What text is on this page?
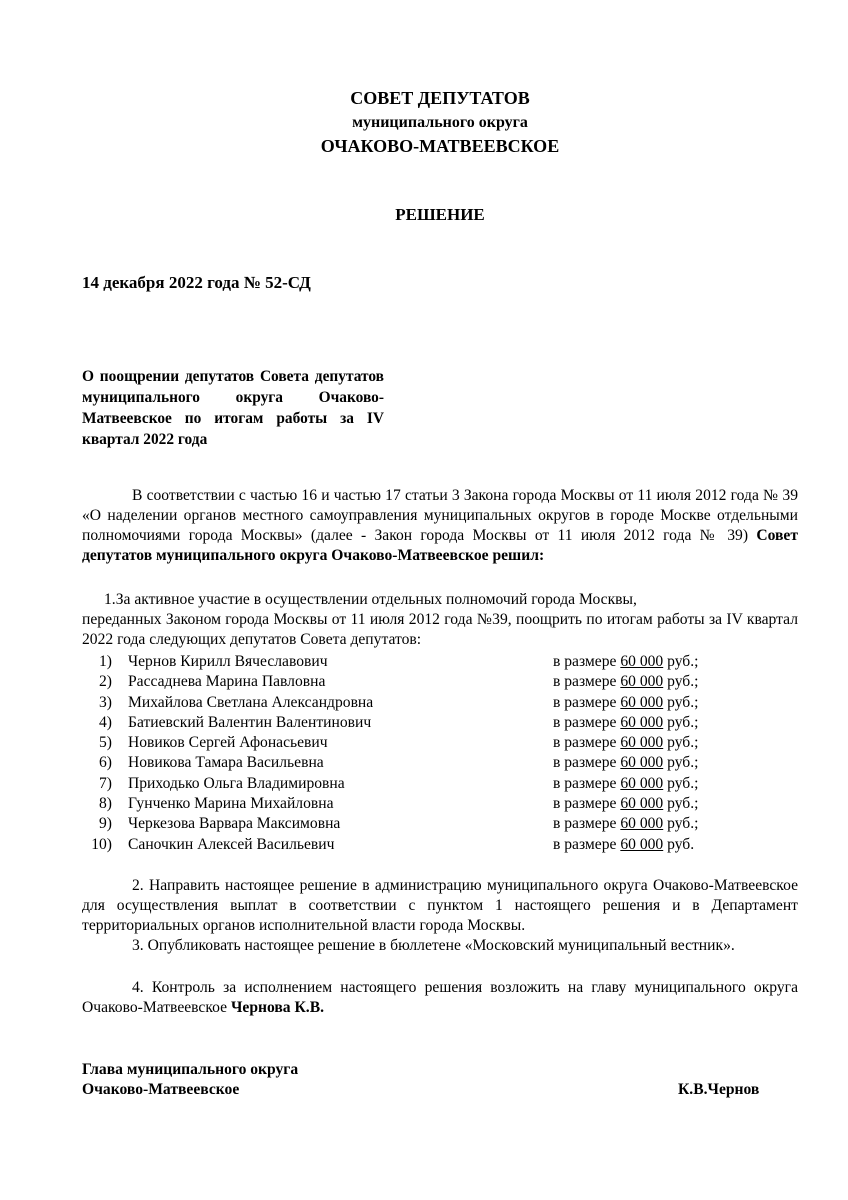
СОВЕТ ДЕПУТАТОВ
муниципального округа
ОЧАКОВО-МАТВЕЕВСКОЕ
РЕШЕНИЕ
14 декабря 2022 года № 52-СД
О поощрении депутатов Совета депутатов муниципального округа Очаково-Матвеевское по итогам работы за IV квартал 2022 года
В соответствии с частью 16 и частью 17 статьи 3 Закона города Москвы от 11 июля 2012 года № 39 «О наделении органов местного самоуправления муниципальных округов в городе Москве отдельными полномочиями города Москвы» (далее - Закон города Москвы от 11 июля 2012 года № 39) Совет депутатов муниципального округа Очаково-Матвеевское решил:
1.За активное участие в осуществлении отдельных полномочий города Москвы,
переданных Законом города Москвы от 11 июля 2012 года №39, поощрить по итогам работы за IV квартал 2022 года следующих депутатов Совета депутатов:
1) Чернов Кирилл Вячеславович	в размере 60 000 руб.;
2) Рассаднева Марина Павловна	в размере 60 000 руб.;
3) Михайлова Светлана Александровна	в размере 60 000 руб.;
4) Батиевский Валентин Валентинович	в размере 60 000 руб.;
5) Новиков Сергей Афонасьевич	в размере 60 000 руб.;
6) Новикова Тамара Васильевна	в размере 60 000 руб.;
7) Приходько Ольга Владимировна	в размере 60 000 руб.;
8) Гунченко Марина Михайловна	в размере 60 000 руб.;
9) Черкезова Варвара Максимовна	в размере 60 000 руб.;
10) Саночкин Алексей Васильевич	в размере 60 000 руб.
2. Направить настоящее решение в администрацию муниципального округа Очаково-Матвеевское для осуществления выплат в соответствии с пунктом 1 настоящего решения и в Департамент территориальных органов исполнительной власти города Москвы.
3. Опубликовать настоящее решение в бюллетене «Московский муниципальный вестник».
4. Контроль за исполнением настоящего решения возложить на главу муниципального округа Очаково-Матвеевское Чернова К.В.
Глава муниципального округа
Очаково-Матвеевское	К.В.Чернов
